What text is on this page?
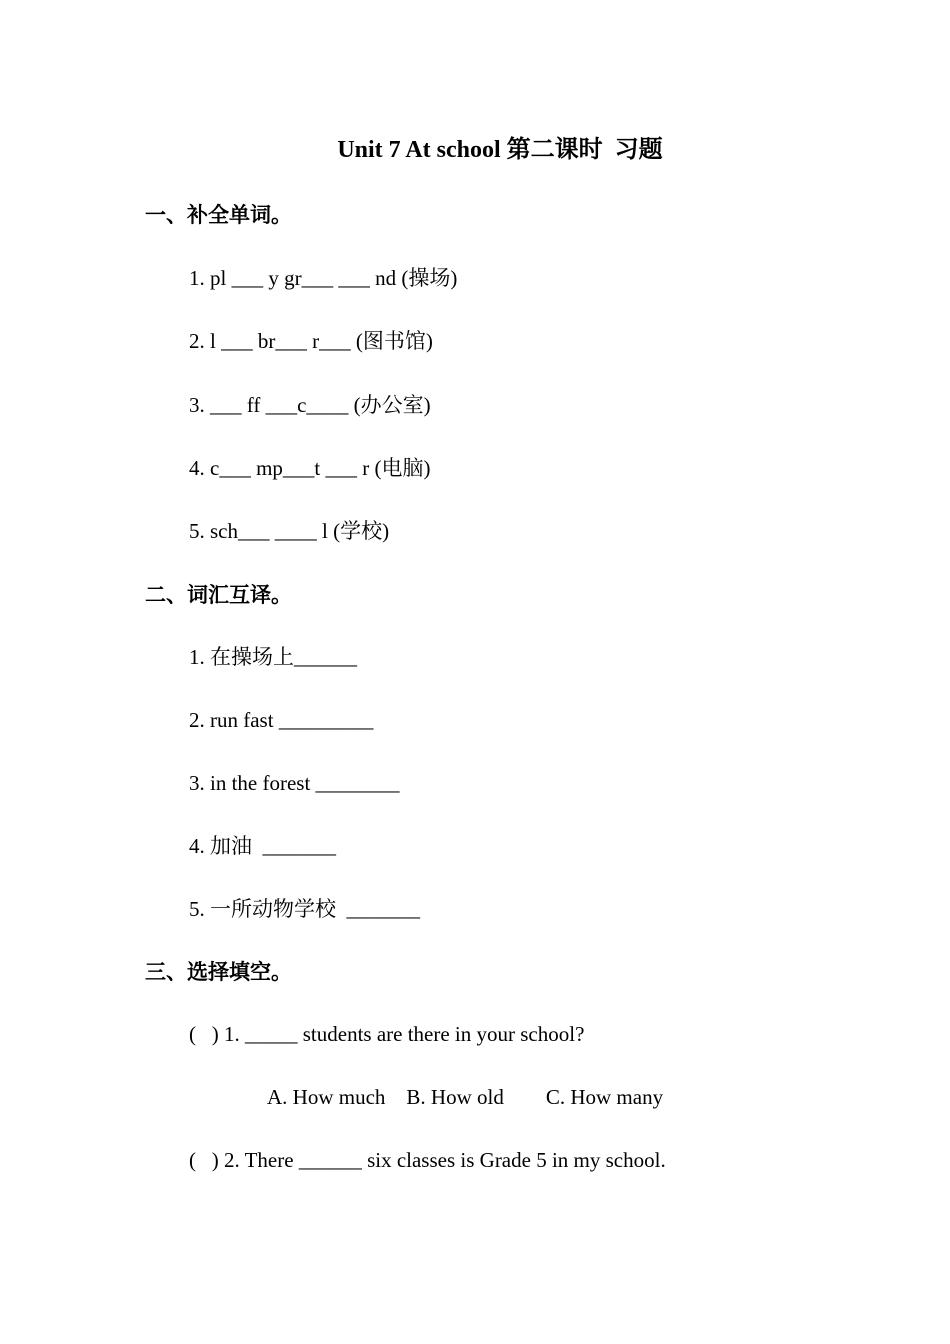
Unit 7 At school 第二课时  习题
一、补全单词。
1. pl ___ y gr___ ___ nd (操场)
2. l ___ br___ r___ (图书馆)
3. ___ ff ___c____ (办公室)
4. c___ mp___t ___ r (电脑)
5. sch___ ____ l (学校)
二、词汇互译。
1. 在操场上______
2. run fast _________
3. in the forest ________
4. 加油  _______
5. 一所动物学校  _______
三、选择填空。
(   ) 1. _____ students are there in your school?
A. How much    B. How old        C. How many
(   ) 2. There ______ six classes is Grade 5 in my school.
